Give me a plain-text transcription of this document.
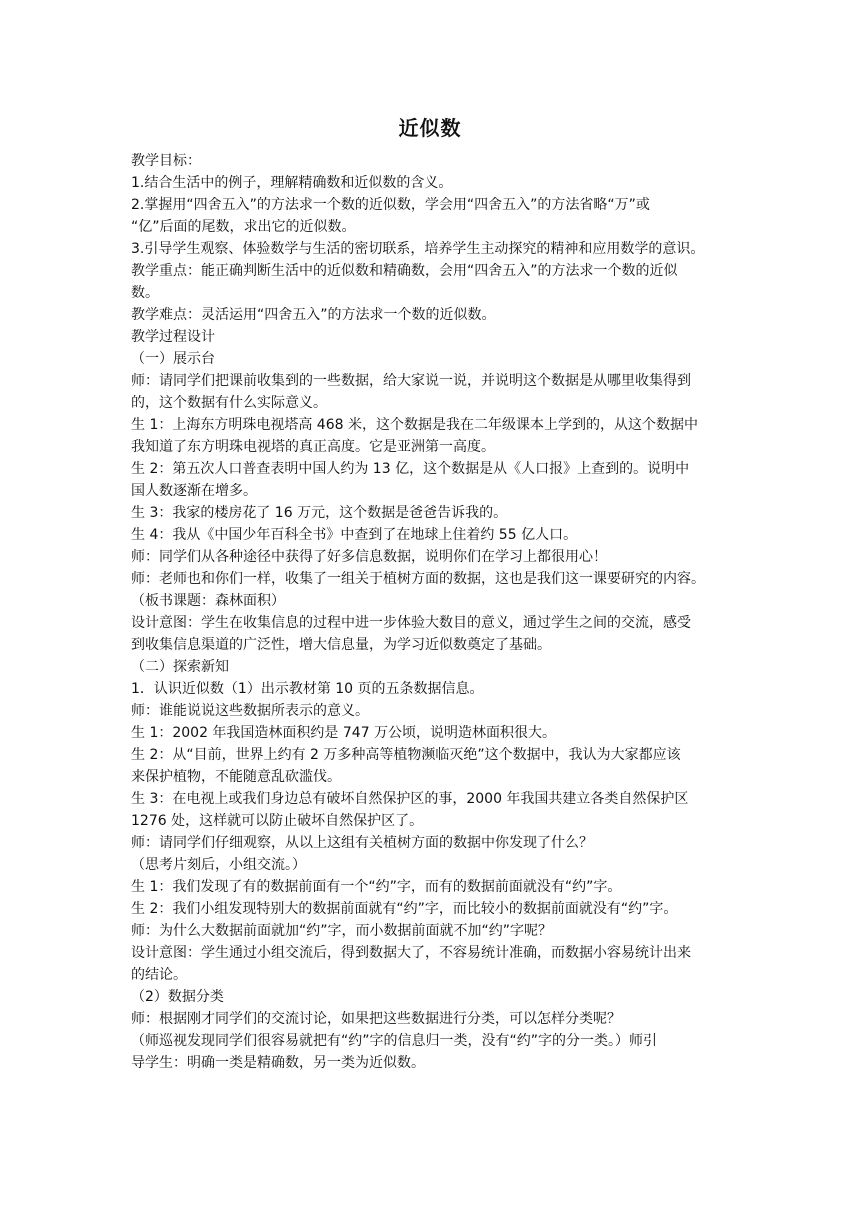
近似数
教学目标：
1.结合生活中的例子，理解精确数和近似数的含义。
2.掌握用“四舍五入”的方法求一个数的近似数，学会用“四舍五入”的方法省略“万”或
“亿”后面的尾数，求出它的近似数。
3.引导学生观察、体验数学与生活的密切联系，培养学生主动探究的精神和应用数学的意识。
教学重点：能正确判断生活中的近似数和精确数，会用“四舍五入”的方法求一个数的近似
数。
教学难点：灵活运用“四舍五入”的方法求一个数的近似数。
教学过程设计
（一）展示台
师：请同学们把课前收集到的一些数据，给大家说一说，并说明这个数据是从哪里收集得到
的，这个数据有什么实际意义。
生 1：上海东方明珠电视塔高 468 米，这个数据是我在二年级课本上学到的，从这个数据中
我知道了东方明珠电视塔的真正高度。它是亚洲第一高度。
生 2：第五次人口普查表明中国人约为 13 亿，这个数据是从《人口报》上查到的。说明中
国人数逐渐在增多。
生 3：我家的楼房花了 16 万元，这个数据是爸爸告诉我的。
生 4：我从《中国少年百科全书》中查到了在地球上住着约 55 亿人口。
师：同学们从各种途径中获得了好多信息数据，说明你们在学习上都很用心！
师：老师也和你们一样，收集了一组关于植树方面的数据，这也是我们这一课要研究的内容。
（板书课题：森林面积）
设计意图：学生在收集信息的过程中进一步体验大数目的意义，通过学生之间的交流，感受
到收集信息渠道的广泛性，增大信息量，为学习近似数奠定了基础。
（二）探索新知
1．认识近似数（1）出示教材第 10 页的五条数据信息。
师：谁能说说这些数据所表示的意义。
生 1：2002 年我国造林面积约是 747 万公顷，说明造林面积很大。
生 2：从“目前，世界上约有 2 万多种高等植物濒临灭绝”这个数据中，我认为大家都应该
来保护植物，不能随意乱砍滥伐。
生 3：在电视上或我们身边总有破坏自然保护区的事，2000 年我国共建立各类自然保护区
1276 处，这样就可以防止破坏自然保护区了。
师：请同学们仔细观察，从以上这组有关植树方面的数据中你发现了什么？
（思考片刻后，小组交流。）
生 1：我们发现了有的数据前面有一个“约”字，而有的数据前面就没有“约”字。
生 2：我们小组发现特别大的数据前面就有“约”字，而比较小的数据前面就没有“约”字。
师：为什么大数据前面就加“约”字，而小数据前面就不加“约”字呢？
设计意图：学生通过小组交流后，得到数据大了，不容易统计准确，而数据小容易统计出来
的结论。
（2）数据分类
师：根据刚才同学们的交流讨论，如果把这些数据进行分类，可以怎样分类呢？
（师巡视发现同学们很容易就把有“约”字的信息归一类，没有“约”字的分一类。）师引
导学生：明确一类是精确数，另一类为近似数。
